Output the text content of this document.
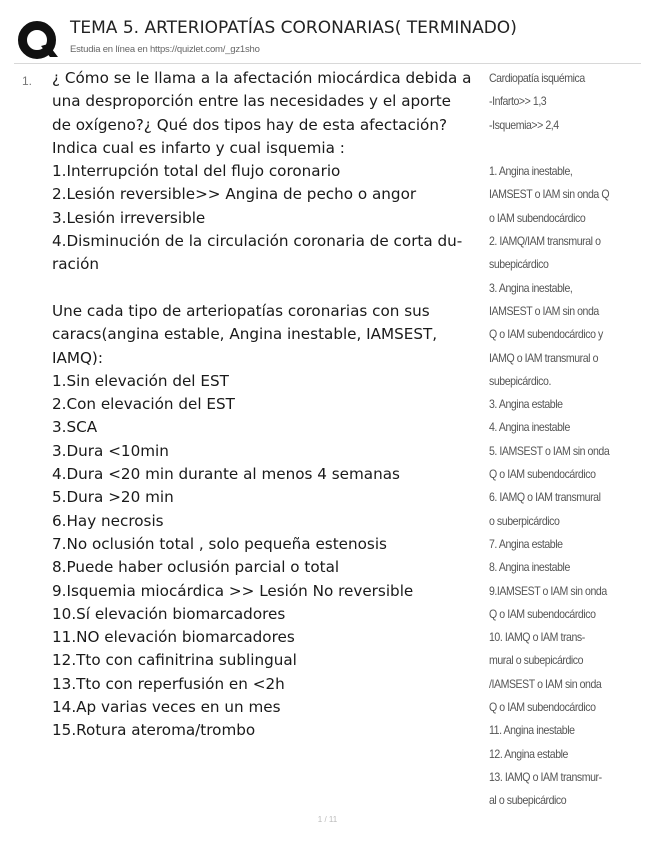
TEMA 5. ARTERIOPATÍAS CORONARIAS( TERMINADO)
Estudia en línea en https://quizlet.com/_gz1sho
1. ¿ Cómo se le llama a la afectación miocárdica debida a
una desproporción entre las necesidades y el aporte
de oxígeno?¿ Qué dos tipos hay de esta afectación?
Indica cual es infarto y cual isquemia :
1.Interrupción total del flujo coronario
2.Lesión reversible>> Angina de pecho o angor
3.Lesión irreversible
4.Disminución de la circulación coronaria de corta du-
ración
Une cada tipo de arteriopatías coronarias con sus
caracs(angina estable, Angina inestable, IAMSEST,
IAMQ):
1.Sin elevación del EST
2.Con elevación del EST
3.SCA
3.Dura <10min
4.Dura <20 min durante al menos 4 semanas
5.Dura >20 min
6.Hay necrosis
7.No oclusión total , solo pequeña estenosis
8.Puede haber oclusión parcial o total
9.Isquemia miocárdica >> Lesión No reversible
10.Sí elevación biomarcadores
11.NO elevación biomarcadores
12.Tto con cafinitrina sublingual
13.Tto con reperfusión en <2h
14.Ap varias veces en un mes
15.Rotura ateroma/trombo
Cardiopatía isquémica
-Infarto>> 1,3
-Isquemia>> 2,4
1. Angina inestable,
IAMSEST o IAM sin onda Q
o IAM subendocárdico
2. IAMQ/IAM transmural o
subepicárdico
3. Angina inestable,
IAMSEST o IAM sin onda
Q o IAM subendocárdico y
IAMQ o IAM transmural o
subepicárdico.
3. Angina estable
4. Angina inestable
5. IAMSEST o IAM sin onda
Q o IAM subendocárdico
6. IAMQ o IAM transmural
o suberpicárdico
7. Angina estable
8. Angina inestable
9.IAMSEST o IAM sin onda
Q o IAM subendocárdico
10. IAMQ o IAM trans-
mural o subepicárdico
/IAMSEST o IAM sin onda
Q o IAM subendocárdico
11. Angina inestable
12. Angina estable
13. IAMQ o IAM transmur-
al o subepicárdico
1 / 11
